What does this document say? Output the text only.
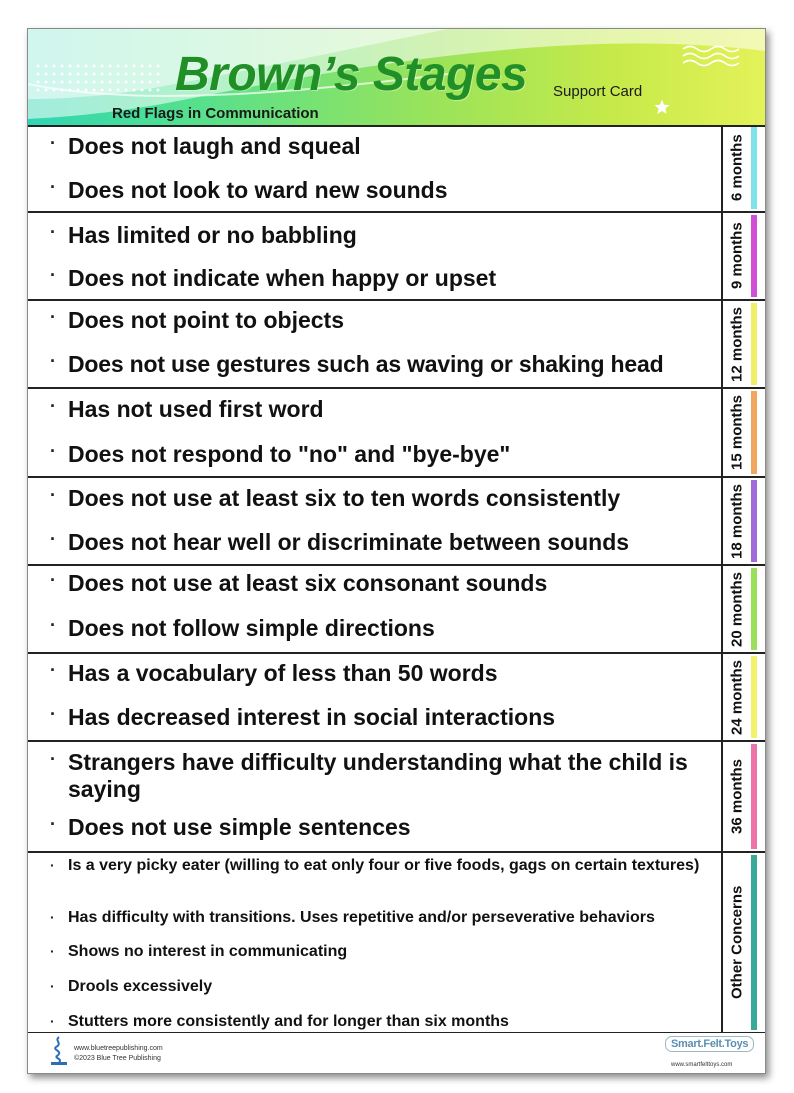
Brown’s Stages Support Card
Red Flags in Communication
· Does not laugh and squeal
· Does not look to ward new sounds	6 months
· Has limited or no babbling
· Does not indicate when happy or upset	9 months
· Does not point to objects
· Does not use gestures such as waving or shaking head	12 months
· Has not used first word
· Does not respond to "no" and "bye-bye"	15 months
· Does not use at least six to ten words consistently
· Does not hear well or discriminate between sounds	18 months
· Does not use at least six consonant sounds
· Does not follow simple directions	20 months
· Has a vocabulary of less than 50 words
· Has decreased interest in social interactions	24 months
· Strangers have difficulty understanding what the child is saying
· Does not use simple sentences	36 months
· Is a very picky eater (willing to eat only four or five foods, gags on certain textures)
· Has difficulty with transitions. Uses repetitive and/or perseverative behaviors
· Shows no interest in communicating
· Drools excessively
· Stutters more consistently and for longer than six months
Other Concerns
www.bluetreepublishing.com
©2023 Blue Tree Publishing
Smart.Felt.Toys
www.smartfelttoys.com
